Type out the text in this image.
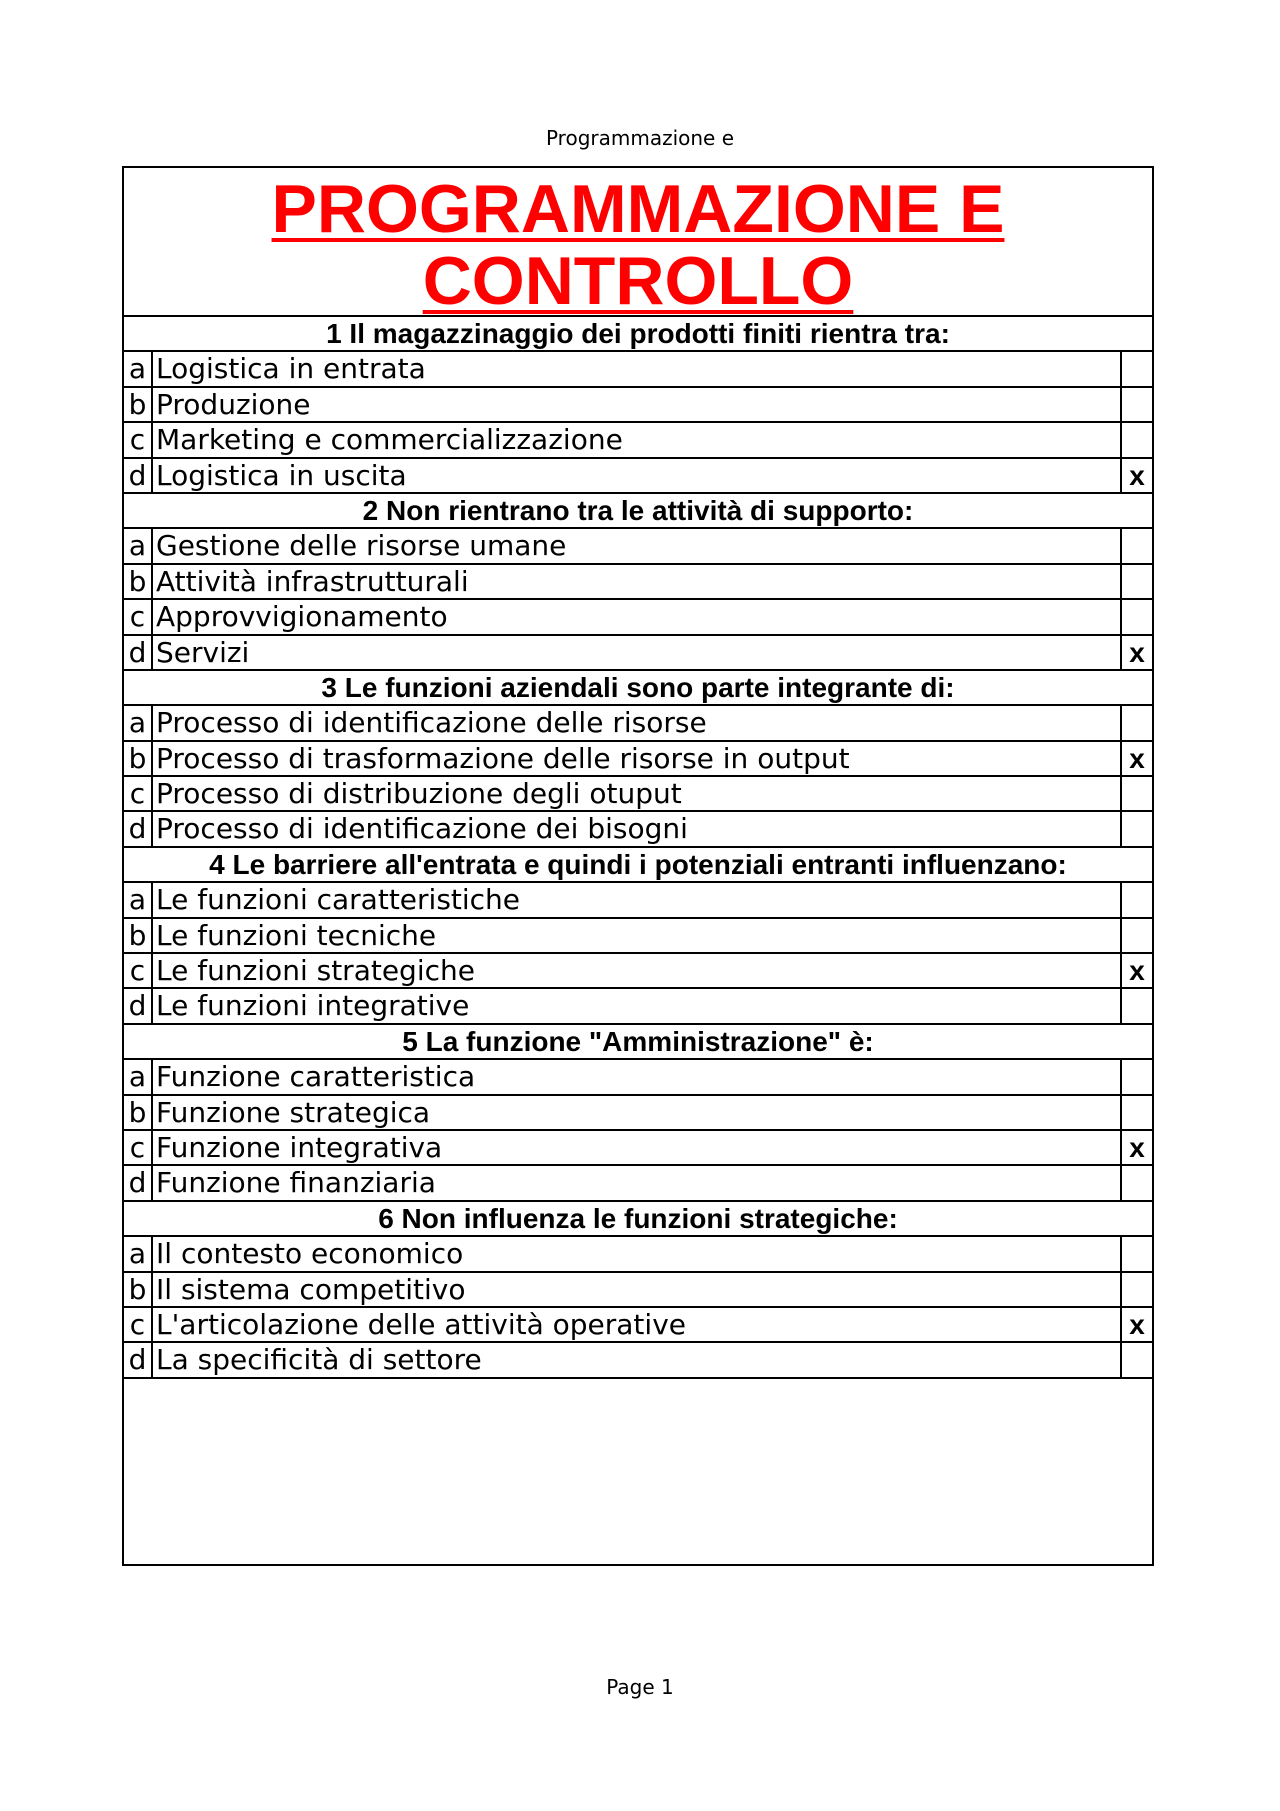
Programmazione e
PROGRAMMAZIONE E
CONTROLLO
1 Il magazzinaggio dei prodotti finiti rientra tra:
a Logistica in entrata
b Produzione
c Marketing e commercializzazione
d Logistica in uscita	x
2 Non rientrano tra le attività di supporto:
a Gestione delle risorse umane
b Attività infrastrutturali
c Approvvigionamento
d Servizi	x
3 Le funzioni aziendali sono parte integrante di:
a Processo di identificazione delle risorse
b Processo di trasformazione delle risorse in output	x
c Processo di distribuzione degli otuput
d Processo di identificazione dei bisogni
4 Le barriere all'entrata e quindi i potenziali entranti influenzano:
a Le funzioni caratteristiche
b Le funzioni tecniche
c Le funzioni strategiche	x
d Le funzioni integrative
5 La funzione "Amministrazione" è:
a Funzione caratteristica
b Funzione strategica
c Funzione integrativa	x
d Funzione finanziaria
6 Non influenza le funzioni strategiche:
a Il contesto economico
b Il sistema competitivo
c L'articolazione delle attività operative	x
d La specificità di settore
Page 1
